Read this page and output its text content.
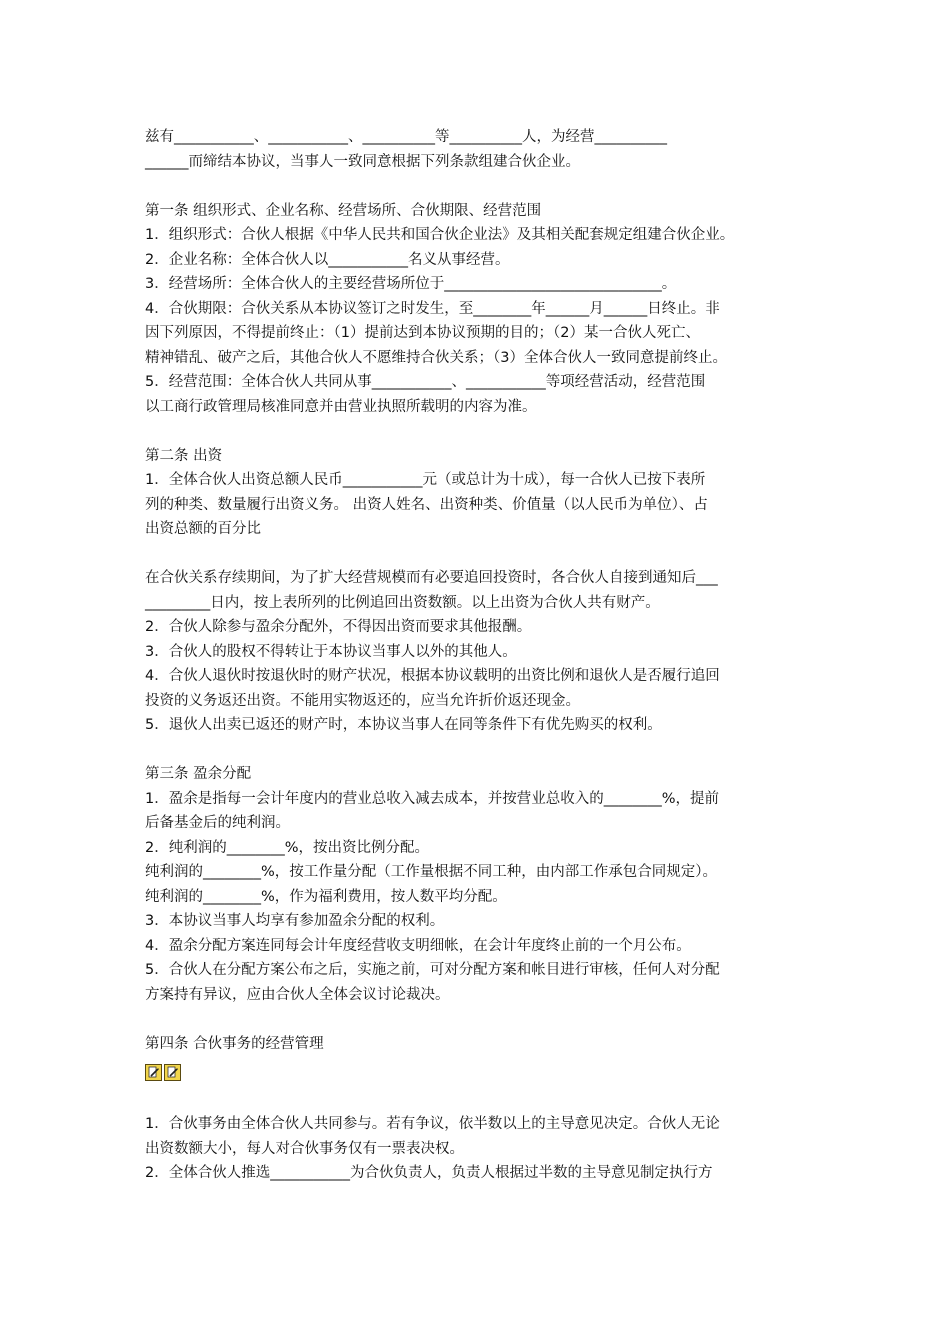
兹有___________、___________、__________等__________人，为经营__________

______而缔结本协议，当事人一致同意根据下列条款组建合伙企业。

第一条 组织形式、企业名称、经营场所、合伙期限、经营范围

1．组织形式：合伙人根据《中华人民共和国合伙企业法》及其相关配套规定组建合伙企业。

2．企业名称：全体合伙人以___________名义从事经营。

3．经营场所：全体合伙人的主要经营场所位于______________________________。

4．合伙期限：合伙关系从本协议签订之时发生，至________年______月______日终止。非

因下列原因，不得提前终止：（1）提前达到本协议预期的目的；（2）某一合伙人死亡、

精神错乱、破产之后，其他合伙人不愿维持合伙关系；（3）全体合伙人一致同意提前终止。

5．经营范围：全体合伙人共同从事___________、___________等项经营活动，经营范围

以工商行政管理局核准同意并由营业执照所载明的内容为准。

第二条 出资

1．全体合伙人出资总额人民币___________元（或总计为十成），每一合伙人已按下表所

列的种类、数量履行出资义务。 出资人姓名、出资种类、价值量（以人民币为单位）、占

出资总额的百分比

在合伙关系存续期间，为了扩大经营规模而有必要追回投资时，各合伙人自接到通知后___

_________日内，按上表所列的比例追回出资数额。以上出资为合伙人共有财产。

2．合伙人除参与盈余分配外，不得因出资而要求其他报酬。

3．合伙人的股权不得转让于本协议当事人以外的其他人。

4．合伙人退伙时按退伙时的财产状况，根据本协议载明的出资比例和退伙人是否履行追回

投资的义务返还出资。不能用实物返还的，应当允许折价返还现金。

5．退伙人出卖已返还的财产时，本协议当事人在同等条件下有优先购买的权利。

第三条 盈余分配

1．盈余是指每一会计年度内的营业总收入减去成本，并按营业总收入的________%，提前

后备基金后的纯利润。

2．纯利润的________%，按出资比例分配。

纯利润的________%，按工作量分配（工作量根据不同工种，由内部工作承包合同规定）。

纯利润的________%，作为福利费用，按人数平均分配。

3．本协议当事人均享有参加盈余分配的权利。

4．盈余分配方案连同每会计年度经营收支明细帐，在会计年度终止前的一个月公布。

5．合伙人在分配方案公布之后，实施之前，可对分配方案和帐目进行审核，任何人对分配

方案持有异议，应由合伙人全体会议讨论裁决。

第四条 合伙事务的经营管理

1．合伙事务由全体合伙人共同参与。若有争议，依半数以上的主导意见决定。合伙人无论

出资数额大小，每人对合伙事务仅有一票表决权。

2．全体合伙人推选___________为合伙负责人，负责人根据过半数的主导意见制定执行方
